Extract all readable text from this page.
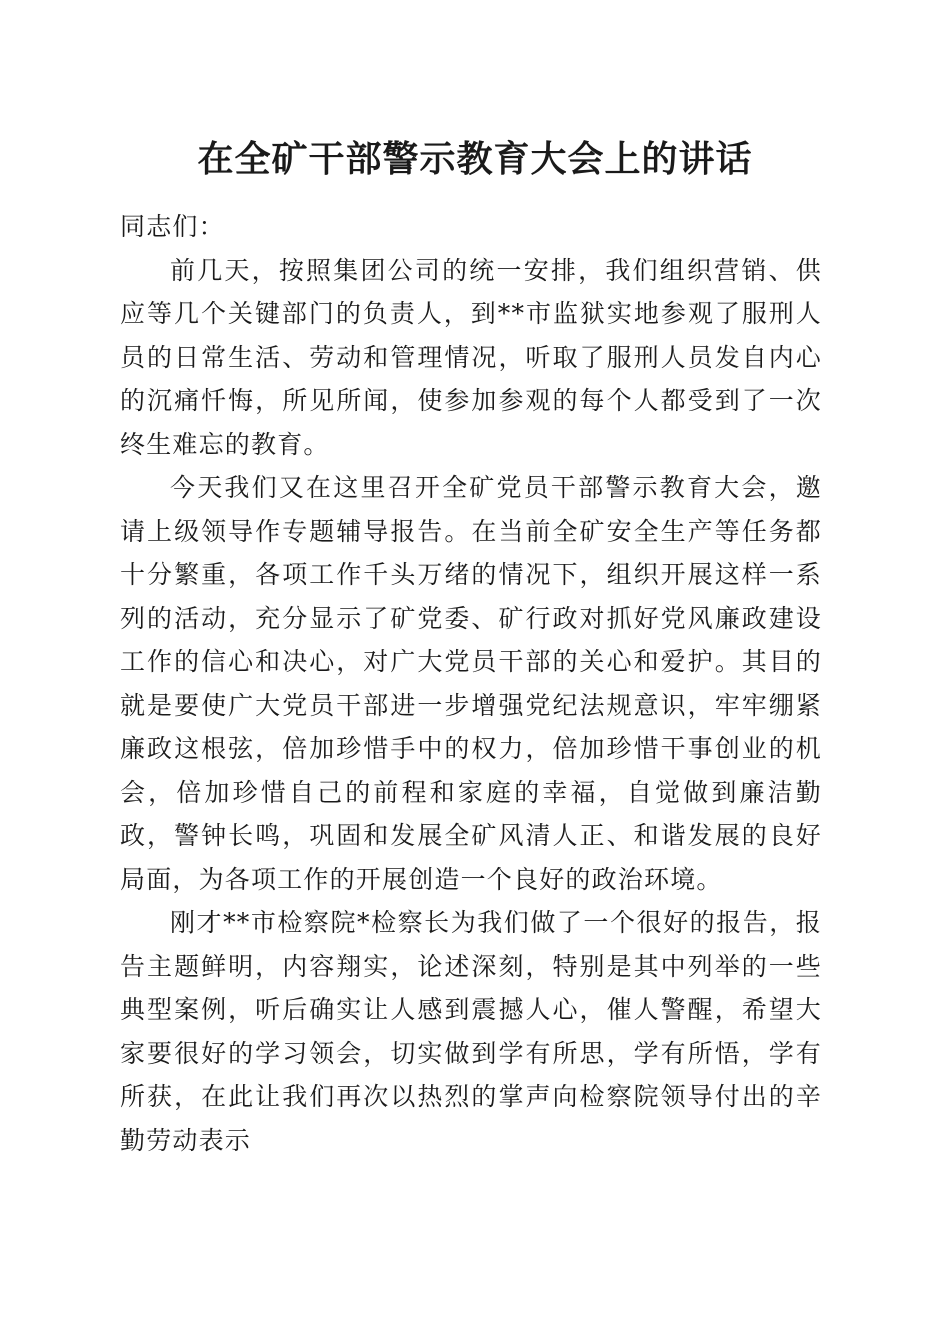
在全矿干部警示教育大会上的讲话

同志们：

前几天，按照集团公司的统一安排，我们组织营销、供应等几个关键部门的负责人，到**市监狱实地参观了服刑人员的日常生活、劳动和管理情况，听取了服刑人员发自内心的沉痛忏悔，所见所闻，使参加参观的每个人都受到了一次终生难忘的教育。

今天我们又在这里召开全矿党员干部警示教育大会，邀请上级领导作专题辅导报告。在当前全矿安全生产等任务都十分繁重，各项工作千头万绪的情况下，组织开展这样一系列的活动，充分显示了矿党委、矿行政对抓好党风廉政建设工作的信心和决心，对广大党员干部的关心和爱护。其目的就是要使广大党员干部进一步增强党纪法规意识，牢牢绷紧廉政这根弦，倍加珍惜手中的权力，倍加珍惜干事创业的机会，倍加珍惜自己的前程和家庭的幸福，自觉做到廉洁勤政，警钟长鸣，巩固和发展全矿风清人正、和谐发展的良好局面，为各项工作的开展创造一个良好的政治环境。

刚才**市检察院*检察长为我们做了一个很好的报告，报告主题鲜明，内容翔实，论述深刻，特别是其中列举的一些典型案例，听后确实让人感到震撼人心，催人警醒，希望大家要很好的学习领会，切实做到学有所思，学有所悟，学有所获，在此让我们再次以热烈的掌声向检察院领导付出的辛勤劳动表示
